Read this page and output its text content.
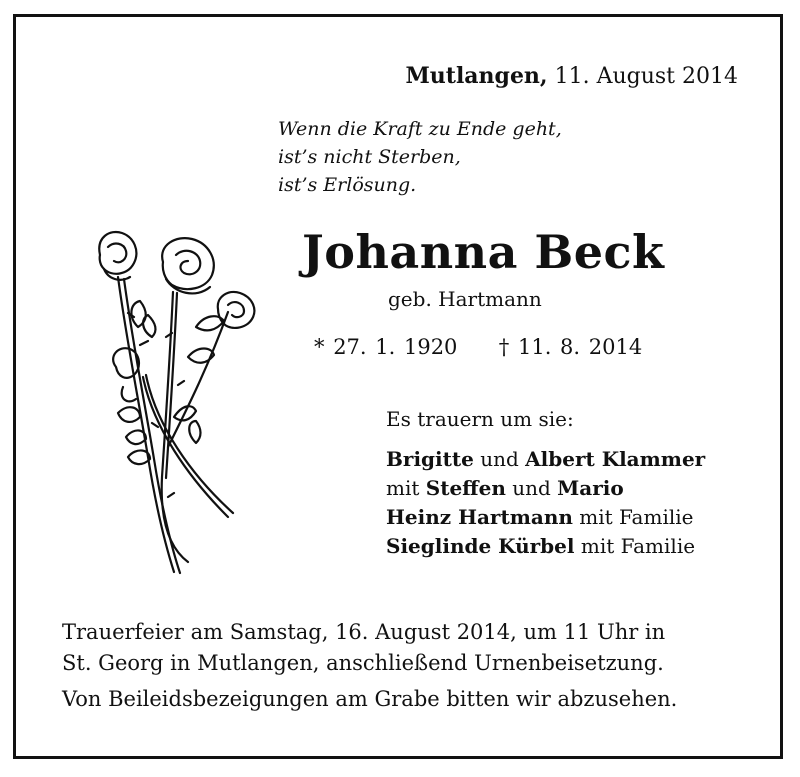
Mutlangen, 11. August 2014
Wenn die Kraft zu Ende geht,
ist’s nicht Sterben,
ist’s Erlösung.
Johanna Beck
geb. Hartmann
* 27. 1. 1920 † 11. 8. 2014
Es trauern um sie:
Brigitte und Albert Klammer
mit Steffen und Mario
Heinz Hartmann mit Familie
Sieglinde Kürbel mit Familie
Trauerfeier am Samstag, 16. August 2014, um 11 Uhr in
St. Georg in Mutlangen, anschließend Urnenbeisetzung.
Von Beileidsbezeigungen am Grabe bitten wir abzusehen.
